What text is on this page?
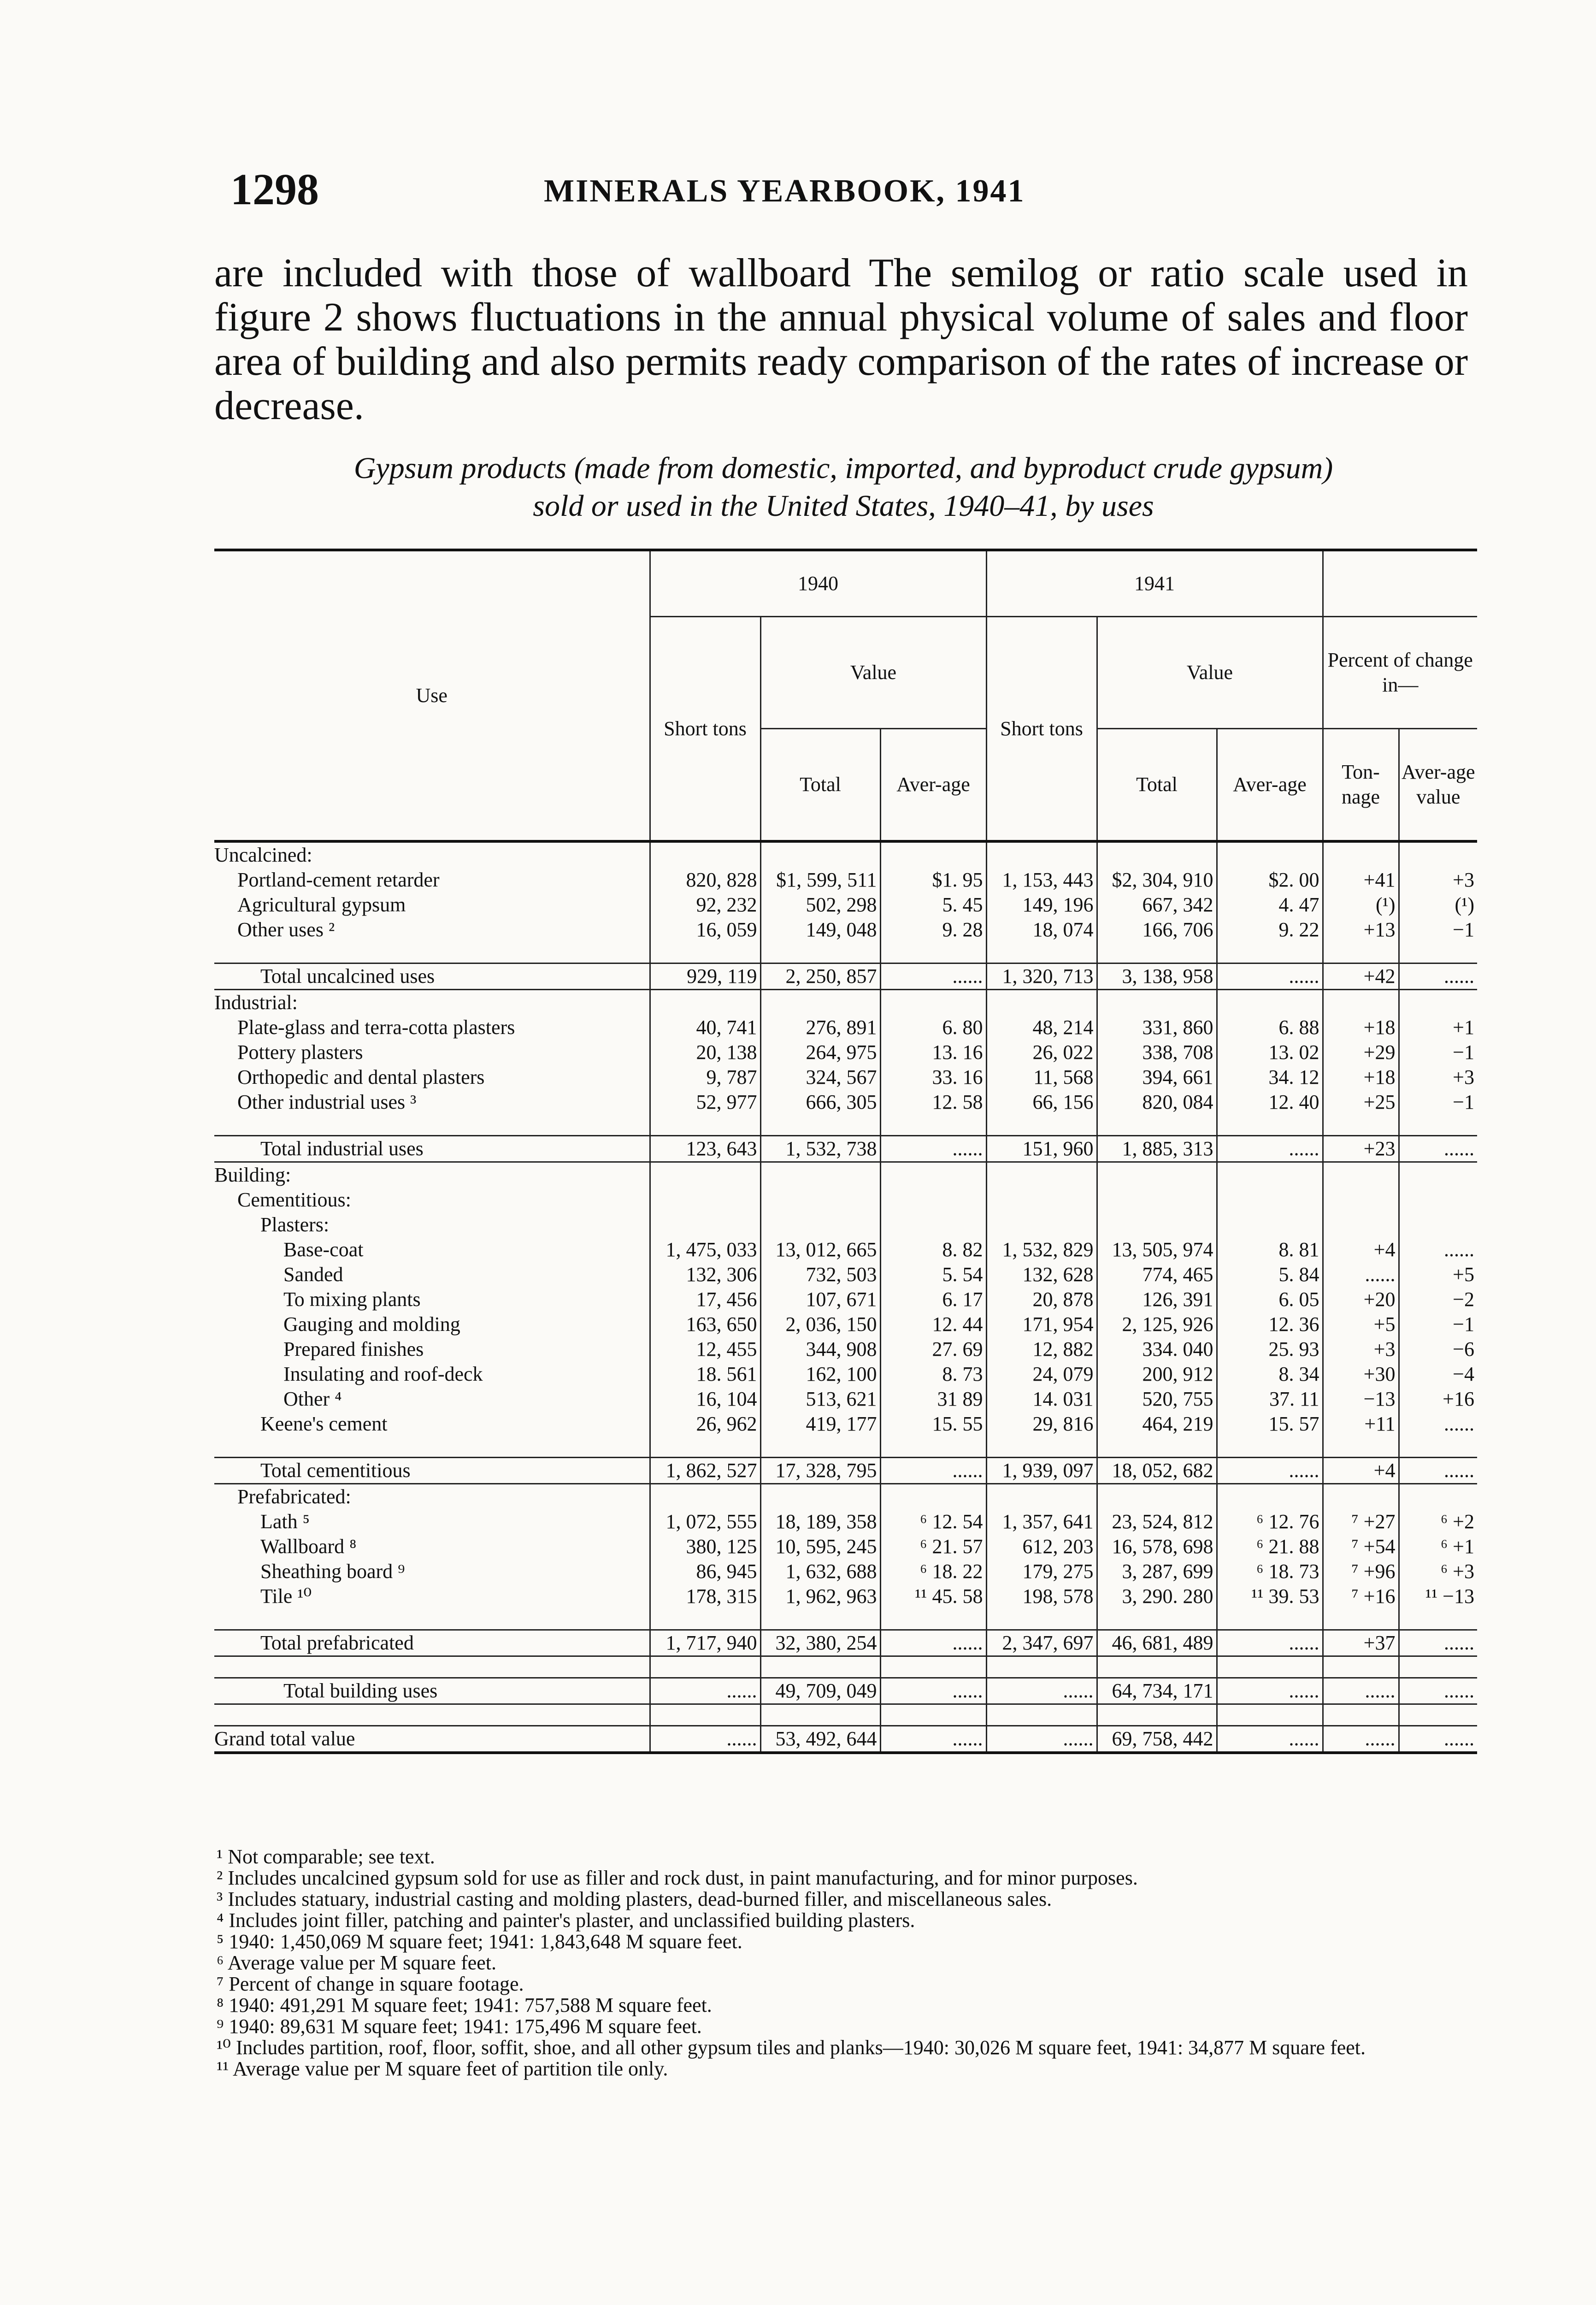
1298	MINERALS YEARBOOK, 1941
are included with those of wallboard The semilog or ratio scale used in figure 2 shows fluctuations in the annual physical volume of sales and floor area of building and also permits ready comparison of the rates of increase or decrease.
Gypsum products (made from domestic, imported, and byproduct crude gypsum)
sold or used in the United States, 1940–41, by uses
Use	1940			1941				
	Short tons	Value		Short tons	Value		Percent of change in—	
		Total	Aver-age		Total	Aver-age	Ton-nage	Aver-age value
Uncalcined:								
Portland-cement retarder	820, 828	$1, 599, 511	$1. 95	1, 153, 443	$2, 304, 910	$2. 00	+41	+3
Agricultural gypsum	92, 232	502, 298	5. 45	149, 196	667, 342	4. 47	(¹)	(¹)
Other uses ²	16, 059	149, 048	9. 28	18, 074	166, 706	9. 22	+13	−1

Total uncalcined uses	929, 119	2, 250, 857	......	1, 320, 713	3, 138, 958	......	+42	......
Industrial:								
Plate-glass and terra-cotta plasters	40, 741	276, 891	6. 80	48, 214	331, 860	6. 88	+18	+1
Pottery plasters	20, 138	264, 975	13. 16	26, 022	338, 708	13. 02	+29	−1
Orthopedic and dental plasters	9, 787	324, 567	33. 16	11, 568	394, 661	34. 12	+18	+3
Other industrial uses ³	52, 977	666, 305	12. 58	66, 156	820, 084	12. 40	+25	−1

Total industrial uses	123, 643	1, 532, 738	......	151, 960	1, 885, 313	......	+23	......
Building:								
Cementitious:								
Plasters:								
Base-coat	1, 475, 033	13, 012, 665	8. 82	1, 532, 829	13, 505, 974	8. 81	+4	......
Sanded	132, 306	732, 503	5. 54	132, 628	774, 465	5. 84	......	+5
To mixing plants	17, 456	107, 671	6. 17	20, 878	126, 391	6. 05	+20	−2
Gauging and molding	163, 650	2, 036, 150	12. 44	171, 954	2, 125, 926	12. 36	+5	−1
Prepared finishes	12, 455	344, 908	27. 69	12, 882	334. 040	25. 93	+3	−6
Insulating and roof-deck	18. 561	162, 100	8. 73	24, 079	200, 912	8. 34	+30	−4
Other ⁴	16, 104	513, 621	31 89	14. 031	520, 755	37. 11	−13	+16
Keene's cement	26, 962	419, 177	15. 55	29, 816	464, 219	15. 57	+11	......

Total cementitious	1, 862, 527	17, 328, 795	......	1, 939, 097	18, 052, 682	......	+4	......
Prefabricated:								
Lath ⁵	1, 072, 555	18, 189, 358	⁶ 12. 54	1, 357, 641	23, 524, 812	⁶ 12. 76	⁷ +27	⁶ +2
Wallboard ⁸	380, 125	10, 595, 245	⁶ 21. 57	612, 203	16, 578, 698	⁶ 21. 88	⁷ +54	⁶ +1
Sheathing board ⁹	86, 945	1, 632, 688	⁶ 18. 22	179, 275	3, 287, 699	⁶ 18. 73	⁷ +96	⁶ +3
Tile ¹⁰	178, 315	1, 962, 963	¹¹ 45. 58	198, 578	3, 290. 280	¹¹ 39. 53	⁷ +16	¹¹ −13

Total prefabricated	1, 717, 940	32, 380, 254	......	2, 347, 697	46, 681, 489	......	+37	......

Total building uses	......	49, 709, 049	......	......	64, 734, 171	......	......	......

Grand total value	......	53, 492, 644	......	......	69, 758, 442	......	......	......

¹ Not comparable; see text.

² Includes uncalcined gypsum sold for use as filler and rock dust, in paint manufacturing, and for minor purposes.

³ Includes statuary, industrial casting and molding plasters, dead-burned filler, and miscellaneous sales.

⁴ Includes joint filler, patching and painter's plaster, and unclassified building plasters.

⁵ 1940: 1,450,069 M square feet; 1941: 1,843,648 M square feet.

⁶ Average value per M square feet.

⁷ Percent of change in square footage.

⁸ 1940: 491,291 M square feet; 1941: 757,588 M square feet.

⁹ 1940: 89,631 M square feet; 1941: 175,496 M square feet.

¹⁰ Includes partition, roof, floor, soffit, shoe, and all other gypsum tiles and planks—1940: 30,026 M square feet, 1941: 34,877 M square feet.

¹¹ Average value per M square feet of partition tile only.
